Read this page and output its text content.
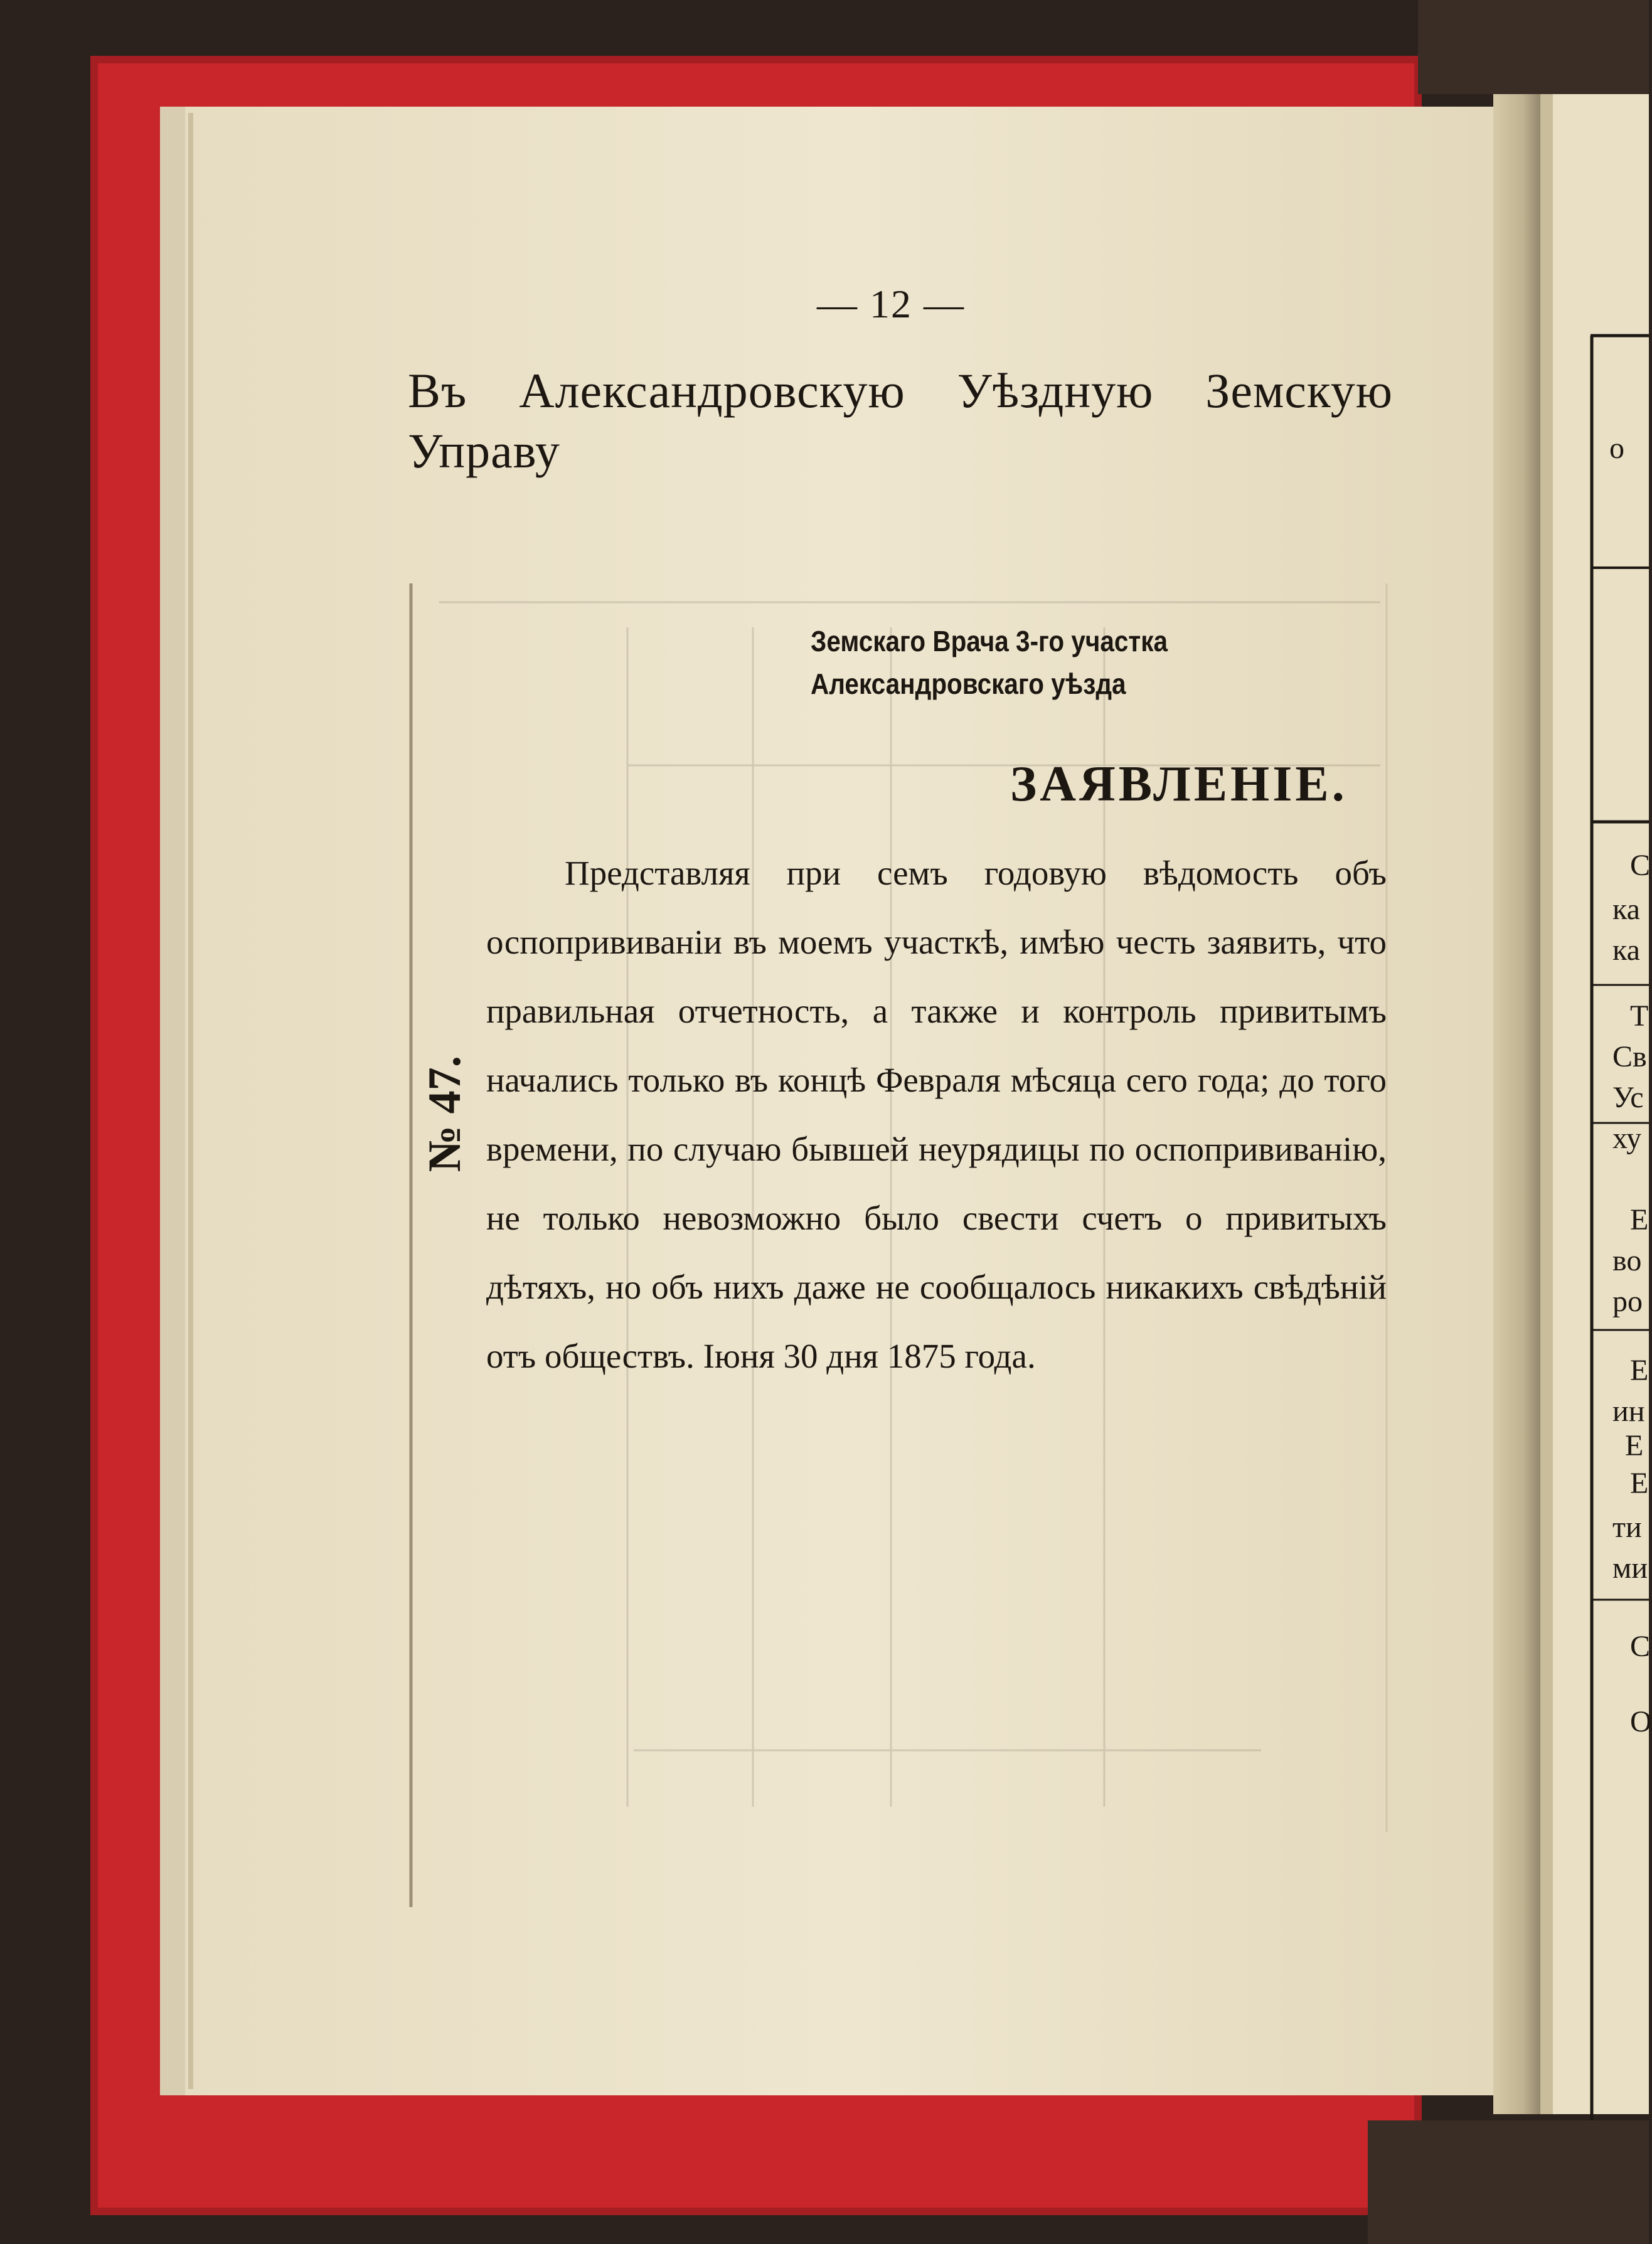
— 12 —

Въ Александровскую Уѣздную Земскую Управу

Земскаго Врача 3-го участка Александровскаго уѣзда

ЗАЯВЛЕНІЕ.

Представляя при семъ годовую вѣдомость объ оспопрививаніи въ моемъ участкѣ, имѣю честь заявить, что правильная отчетность, а также и контроль привитымъ начались только въ концѣ Февраля мѣсяца сего года; до того времени, по случаю бывшей неурядицы по оспопрививанію, не только невозможно было свести счетъ о привитыхъ дѣтяхъ, но объ нихъ даже не сообщалось никакихъ свѣдѣній отъ обществъ. Іюня 30 дня 1875 года.

№ 47.
о
С
ка
ка
Т
Св
Ус
ху
Е
во
ро
Е
ин
Е
Е
ти
ми
С
О
